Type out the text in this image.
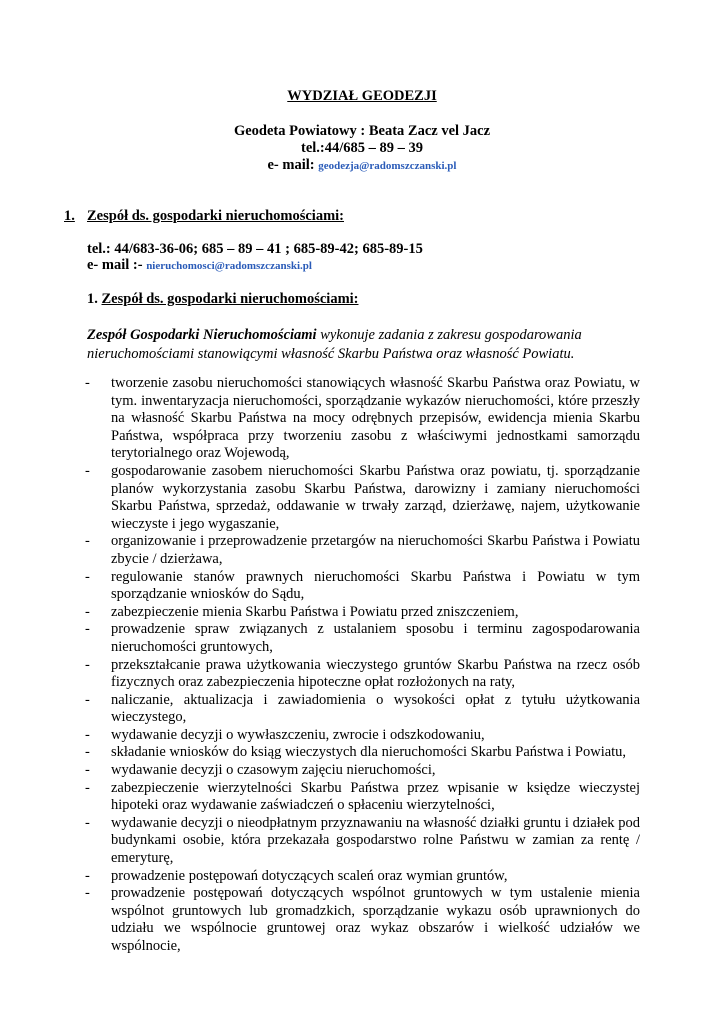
WYDZIAŁ GEODEZJI
Geodeta Powiatowy : Beata Zacz vel Jacz
tel.:44/685 – 89 – 39
e- mail: geodezja@radomszczanski.pl
1. Zespół ds. gospodarki nieruchomościami:
tel.: 44/683-36-06; 685 – 89 – 41 ; 685-89-42; 685-89-15
e- mail :- nieruchomosci@radomszczanski.pl
1. Zespół ds. gospodarki nieruchomościami:
Zespół Gospodarki Nieruchomościami wykonuje zadania z zakresu gospodarowania
nieruchomościami stanowiącymi własność Skarbu Państwa oraz własność Powiatu.
- tworzenie zasobu nieruchomości stanowiących własność Skarbu Państwa oraz Powiatu, w tym. inwentaryzacja nieruchomości, sporządzanie wykazów nieruchomości, które przeszły na własność Skarbu Państwa na mocy odrębnych przepisów, ewidencja mienia Skarbu Państwa, współpraca przy tworzeniu zasobu z właściwymi jednostkami samorządu terytorialnego oraz Wojewodą,
- gospodarowanie zasobem nieruchomości Skarbu Państwa oraz powiatu, tj. sporządzanie planów wykorzystania zasobu Skarbu Państwa, darowizny i zamiany nieruchomości Skarbu Państwa, sprzedaż, oddawanie w trwały zarząd, dzierżawę, najem, użytkowanie wieczyste i jego wygaszanie,
- organizowanie i przeprowadzenie przetargów na nieruchomości Skarbu Państwa i Powiatu zbycie / dzierżawa,
- regulowanie stanów prawnych nieruchomości Skarbu Państwa i Powiatu w tym sporządzanie wniosków do Sądu,
- zabezpieczenie mienia Skarbu Państwa i Powiatu przed zniszczeniem,
- prowadzenie spraw związanych z ustalaniem sposobu i terminu zagospodarowania nieruchomości gruntowych,
- przekształcanie prawa użytkowania wieczystego gruntów Skarbu Państwa na rzecz osób fizycznych oraz zabezpieczenia hipoteczne opłat rozłożonych na raty,
- naliczanie, aktualizacja i zawiadomienia o wysokości opłat z tytułu użytkowania wieczystego,
- wydawanie decyzji o wywłaszczeniu, zwrocie i odszkodowaniu,
- składanie wniosków do ksiąg wieczystych dla nieruchomości Skarbu Państwa i Powiatu,
- wydawanie decyzji o czasowym zajęciu nieruchomości,
- zabezpieczenie wierzytelności Skarbu Państwa przez wpisanie w księdze wieczystej hipoteki oraz wydawanie zaświadczeń o spłaceniu wierzytelności,
- wydawanie decyzji o nieodpłatnym przyznawaniu na własność działki gruntu i działek pod budynkami osobie, która przekazała gospodarstwo rolne Państwu w zamian za rentę / emeryturę,
- prowadzenie postępowań dotyczących scaleń oraz wymian gruntów,
- prowadzenie postępowań dotyczących wspólnot gruntowych w tym ustalenie mienia wspólnot gruntowych lub gromadzkich, sporządzanie wykazu osób uprawnionych do udziału we wspólnocie gruntowej oraz wykaz obszarów i wielkość udziałów we wspólnocie,
